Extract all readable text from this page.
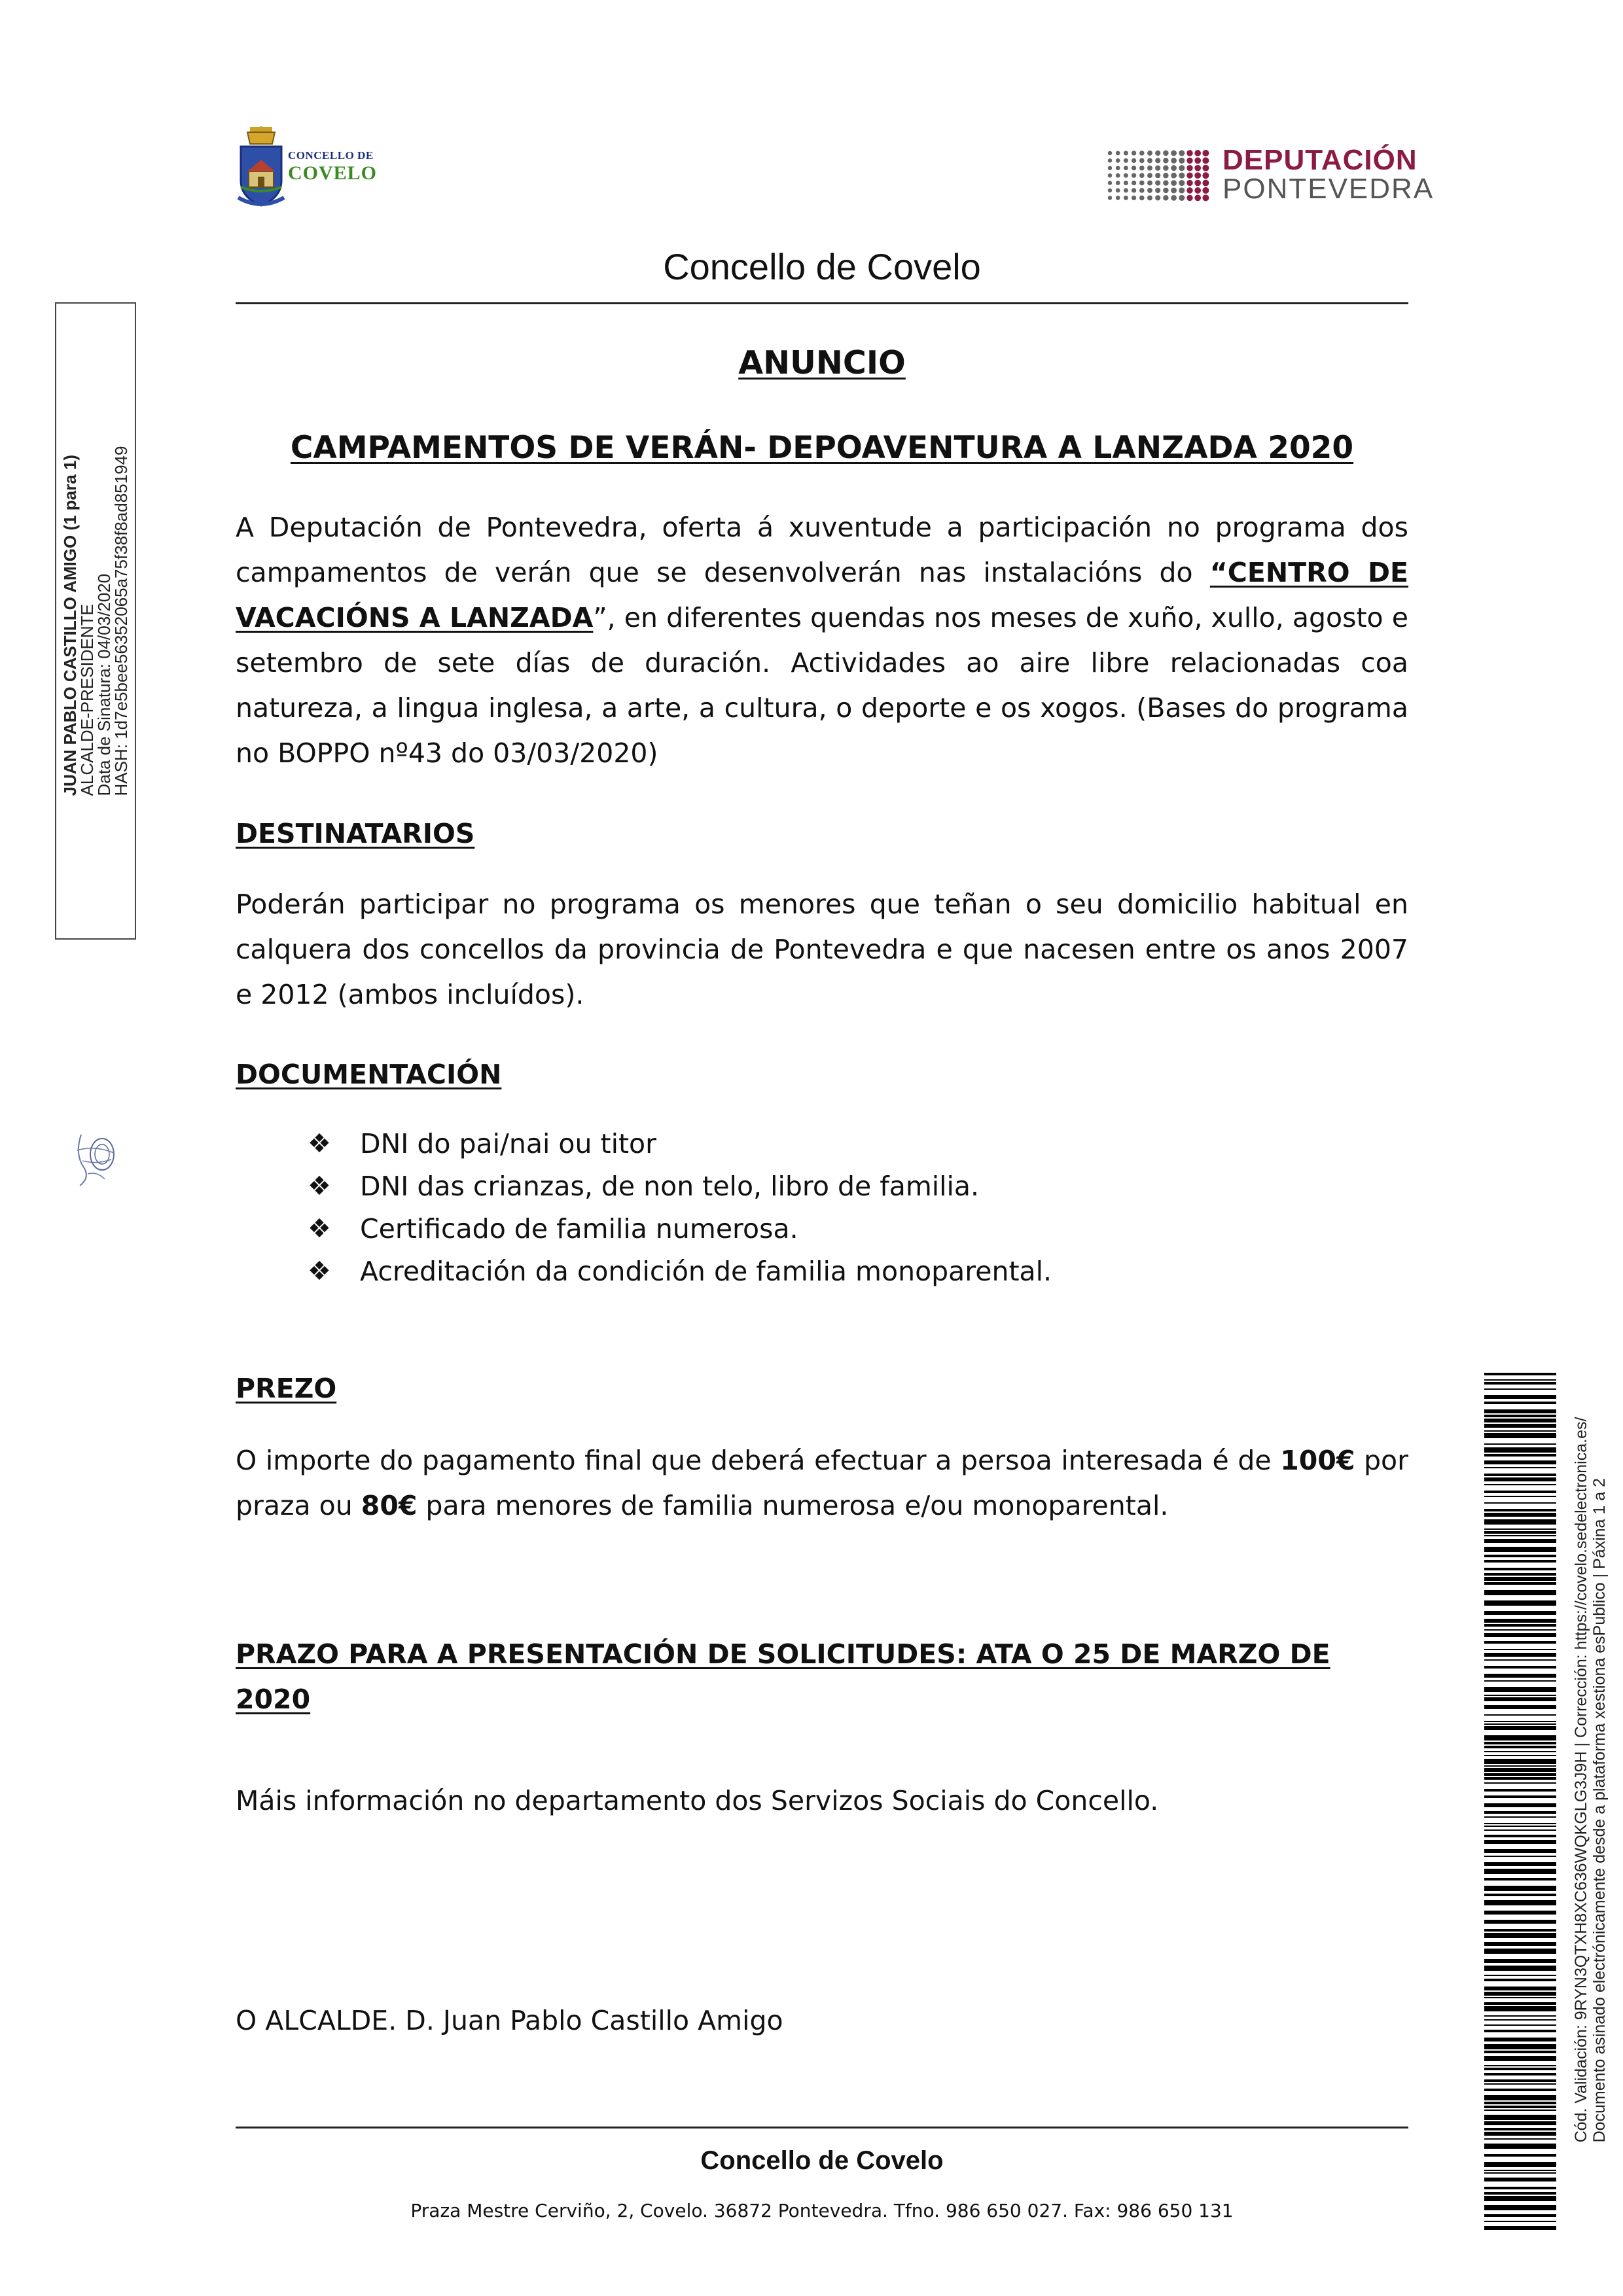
CONCELLO DE
COVELO	DEPUTACIÓN
PONTEVEDRA
Concello de Covelo
ANUNCIO
CAMPAMENTOS DE VERÁN- DEPOAVENTURA A LANZADA 2020
A Deputación de Pontevedra, oferta á xuventude a participación no programa dos campamentos de verán que se desenvolverán nas instalacións do “CENTRO DE VACACIÓNS A LANZADA”, en diferentes quendas nos meses de xuño, xullo, agosto e setembro de sete días de duración. Actividades ao aire libre relacionadas coa natureza, a lingua inglesa, a arte, a cultura, o deporte e os xogos. (Bases do programa no BOPPO nº43 do 03/03/2020)
DESTINATARIOS
Poderán participar no programa os menores que teñan o seu domicilio habitual en calquera dos concellos da provincia de Pontevedra e que nacesen entre os anos 2007 e 2012 (ambos incluídos).
DOCUMENTACIÓN
❖ DNI do pai/nai ou titor
❖ DNI das crianzas, de non telo, libro de familia.
❖ Certificado de familia numerosa.
❖ Acreditación da condición de familia monoparental.
PREZO
O importe do pagamento final que deberá efectuar a persoa interesada é de 100€ por praza ou 80€ para menores de familia numerosa e/ou monoparental.
PRAZO PARA A PRESENTACIÓN DE SOLICITUDES: ATA O 25 DE MARZO DE 2020
Máis información no departamento dos Servizos Sociais do Concello.
O ALCALDE. D. Juan Pablo Castillo Amigo
Concello de Covelo
Praza Mestre Cerviño, 2, Covelo. 36872 Pontevedra. Tfno. 986 650 027. Fax: 986 650 131
JUAN PABLO CASTILLO AMIGO (1 para 1)
ALCALDE-PRESIDENTE
Data de Sinatura: 04/03/2020
HASH: 1d7e5bee56352065a75f38f8ad851949
Cód. Validación: 9RYN3QTXH8XC636WQKGLG3J9H | Corrección: https://covelo.sedelectronica.es/ Documento asinado electrónicamente desde a plataforma xestiona esPublico | Páxina 1 a 2
